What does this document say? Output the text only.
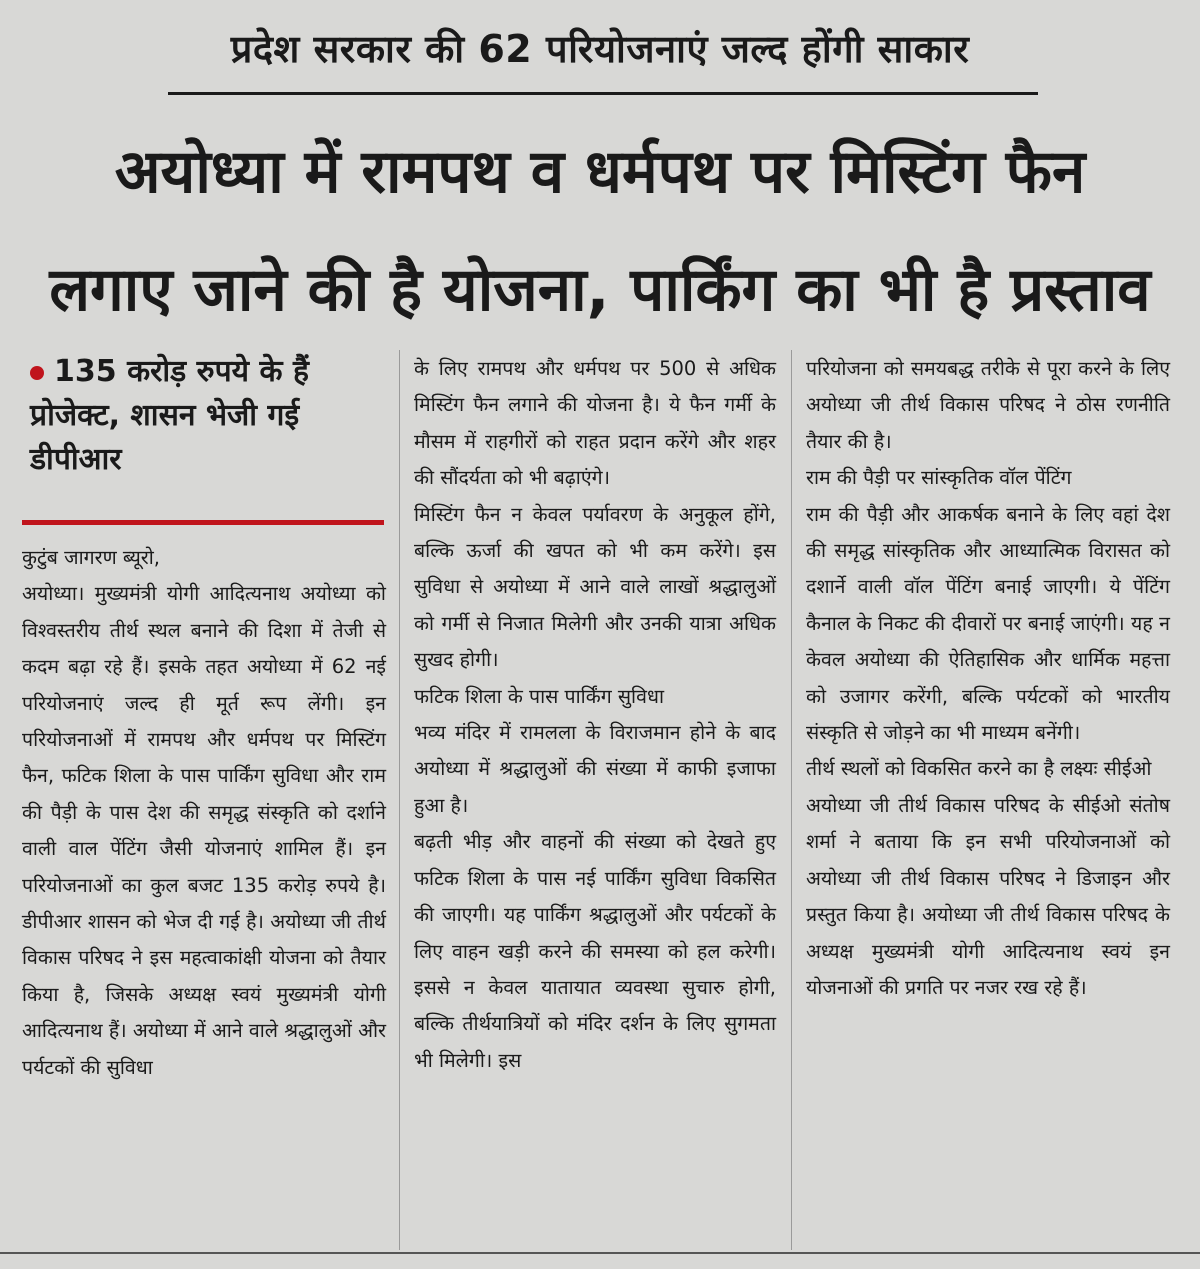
प्रदेश सरकार की 62 परियोजनाएं जल्द होंगी साकार
अयोध्या में रामपथ व धर्मपथ पर मिस्टिंग फैन
लगाए जाने की है योजना, पार्किंग का भी है प्रस्ताव
135 करोड़ रुपये के हैं प्रोजेक्ट, शासन भेजी गई डीपीआर

कुटुंब जागरण ब्यूरो,

अयोध्या। मुख्यमंत्री योगी आदित्यनाथ अयोध्या को विश्वस्तरीय तीर्थ स्थल बनाने की दिशा में तेजी से कदम बढ़ा रहे हैं। इसके तहत अयोध्या में 62 नई परियोजनाएं जल्द ही मूर्त रूप लेंगी। इन परियोजनाओं में रामपथ और धर्मपथ पर मिस्टिंग फैन, फटिक शिला के पास पार्किंग सुविधा और राम की पैड़ी के पास देश की समृद्ध संस्कृति को दर्शाने वाली वाल पेंटिंग जैसी योजनाएं शामिल हैं। इन परियोजनाओं का कुल बजट 135 करोड़ रुपये है। डीपीआर शासन को भेज दी गई है। अयोध्या जी तीर्थ विकास परिषद ने इस महत्वाकांक्षी योजना को तैयार किया है, जिसके अध्यक्ष स्वयं मुख्यमंत्री योगी आदित्यनाथ हैं। अयोध्या में आने वाले श्रद्धालुओं और पर्यटकों की सुविधा

के लिए रामपथ और धर्मपथ पर 500 से अधिक मिस्टिंग फैन लगाने की योजना है। ये फैन गर्मी के मौसम में राहगीरों को राहत प्रदान करेंगे और शहर की सौंदर्यता को भी बढ़ाएंगे।

मिस्टिंग फैन न केवल पर्यावरण के अनुकूल होंगे, बल्कि ऊर्जा की खपत को भी कम करेंगे। इस सुविधा से अयोध्या में आने वाले लाखों श्रद्धालुओं को गर्मी से निजात मिलेगी और उनकी यात्रा अधिक सुखद होगी।

फटिक शिला के पास पार्किंग सुविधा

भव्य मंदिर में रामलला के विराजमान होने के बाद अयोध्या में श्रद्धालुओं की संख्या में काफी इजाफा हुआ है।

बढ़ती भीड़ और वाहनों की संख्या को देखते हुए फटिक शिला के पास नई पार्किंग सुविधा विकसित की जाएगी। यह पार्किंग श्रद्धालुओं और पर्यटकों के लिए वाहन खड़ी करने की समस्या को हल करेगी। इससे न केवल यातायात व्यवस्था सुचारु होगी, बल्कि तीर्थयात्रियों को मंदिर दर्शन के लिए सुगमता भी मिलेगी। इस

परियोजना को समयबद्ध तरीके से पूरा करने के लिए अयोध्या जी तीर्थ विकास परिषद ने ठोस रणनीति तैयार की है।

राम की पैड़ी पर सांस्कृतिक वॉल पेंटिंग

राम की पैड़ी और आकर्षक बनाने के लिए वहां देश की समृद्ध सांस्कृतिक और आध्यात्मिक विरासत को दशार्ने वाली वॉल पेंटिंग बनाई जाएगी। ये पेंटिंग कैनाल के निकट की दीवारों पर बनाई जाएंगी। यह न केवल अयोध्या की ऐतिहासिक और धार्मिक महत्ता को उजागर करेंगी, बल्कि पर्यटकों को भारतीय संस्कृति से जोड़ने का भी माध्यम बनेंगी।

तीर्थ स्थलों को विकसित करने का है लक्ष्यः सीईओ

अयोध्या जी तीर्थ विकास परिषद के सीईओ संतोष शर्मा ने बताया कि इन सभी परियोजनाओं को अयोध्या जी तीर्थ विकास परिषद ने डिजाइन और प्रस्तुत किया है। अयोध्या जी तीर्थ विकास परिषद के अध्यक्ष मुख्यमंत्री योगी आदित्यनाथ स्वयं इन योजनाओं की प्रगति पर नजर रख रहे हैं।
